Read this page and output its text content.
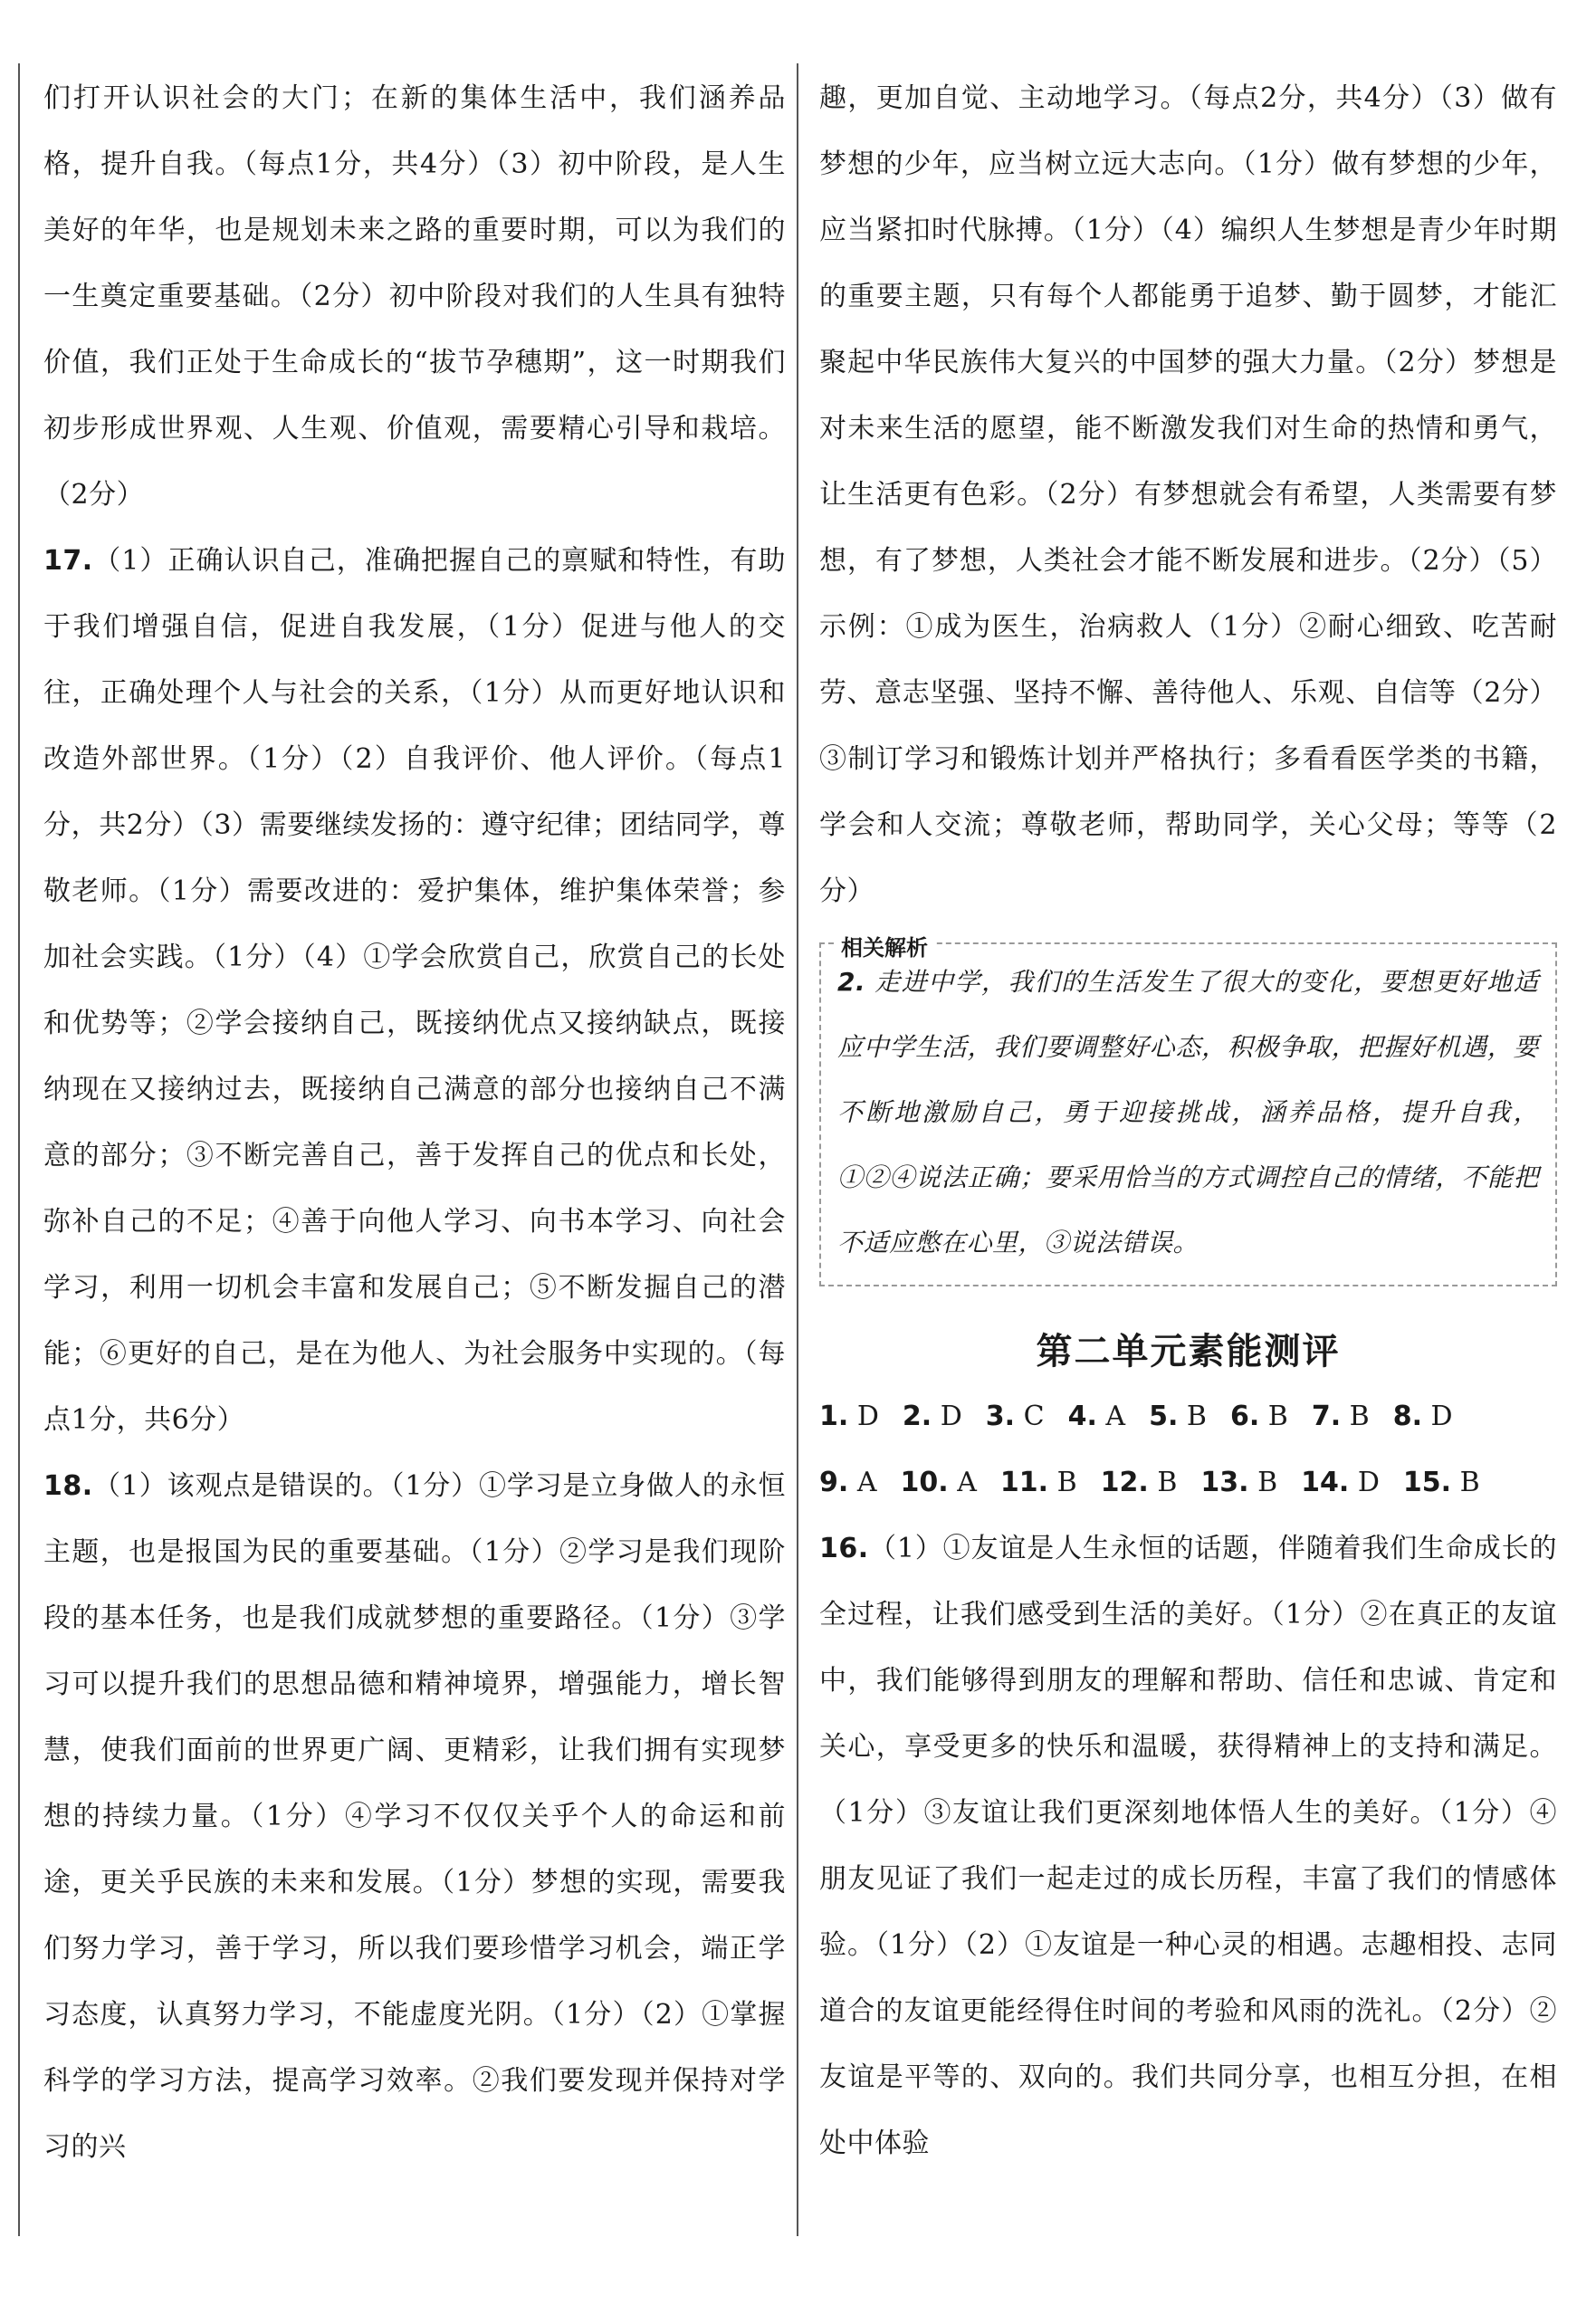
们打开认识社会的大门；在新的集体生活中，我们涵养品格，提升自我。（每点1分，共4分）（3）初中阶段，是人生美好的年华，也是规划未来之路的重要时期，可以为我们的一生奠定重要基础。（2分）初中阶段对我们的人生具有独特价值，我们正处于生命成长的“拔节孕穗期”，这一时期我们初步形成世界观、人生观、价值观，需要精心引导和栽培。（2分）

17.（1）正确认识自己，准确把握自己的禀赋和特性，有助于我们增强自信，促进自我发展，（1分）促进与他人的交往，正确处理个人与社会的关系，（1分）从而更好地认识和改造外部世界。（1分）（2）自我评价、他人评价。（每点1分，共2分）（3）需要继续发扬的：遵守纪律；团结同学，尊敬老师。（1分）需要改进的：爱护集体，维护集体荣誉；参加社会实践。（1分）（4）①学会欣赏自己，欣赏自己的长处和优势等；②学会接纳自己，既接纳优点又接纳缺点，既接纳现在又接纳过去，既接纳自己满意的部分也接纳自己不满意的部分；③不断完善自己，善于发挥自己的优点和长处，弥补自己的不足；④善于向他人学习、向书本学习、向社会学习，利用一切机会丰富和发展自己；⑤不断发掘自己的潜能；⑥更好的自己，是在为他人、为社会服务中实现的。（每点1分，共6分）

18.（1）该观点是错误的。（1分）①学习是立身做人的永恒主题，也是报国为民的重要基础。（1分）②学习是我们现阶段的基本任务，也是我们成就梦想的重要路径。（1分）③学习可以提升我们的思想品德和精神境界，增强能力，增长智慧，使我们面前的世界更广阔、更精彩，让我们拥有实现梦想的持续力量。（1分）④学习不仅仅关乎个人的命运和前途，更关乎民族的未来和发展。（1分）梦想的实现，需要我们努力学习，善于学习，所以我们要珍惜学习机会，端正学习态度，认真努力学习，不能虚度光阴。（1分）（2）①掌握科学的学习方法，提高学习效率。②我们要发现并保持对学习的兴

趣，更加自觉、主动地学习。（每点2分，共4分）（3）做有梦想的少年，应当树立远大志向。（1分）做有梦想的少年，应当紧扣时代脉搏。（1分）（4）编织人生梦想是青少年时期的重要主题，只有每个人都能勇于追梦、勤于圆梦，才能汇聚起中华民族伟大复兴的中国梦的强大力量。（2分）梦想是对未来生活的愿望，能不断激发我们对生命的热情和勇气，让生活更有色彩。（2分）有梦想就会有希望，人类需要有梦想，有了梦想，人类社会才能不断发展和进步。（2分）（5）示例：①成为医生，治病救人（1分）②耐心细致、吃苦耐劳、意志坚强、坚持不懈、善待他人、乐观、自信等（2分）③制订学习和锻炼计划并严格执行；多看看医学类的书籍，学会和人交流；尊敬老师，帮助同学，关心父母；等等（2分）

相关解析

2. 走进中学，我们的生活发生了很大的变化，要想更好地适应中学生活，我们要调整好心态，积极争取，把握好机遇，要不断地激励自己，勇于迎接挑战，涵养品格，提升自我，①②④说法正确；要采用恰当的方式调控自己的情绪，不能把不适应憋在心里，③说法错误。

第二单元素能测评
1. D 2. D 3. C 4. A 5. B 6. B 7. B 8. D9. A 10. A 11. B 12. B 13. B 14. D 15. B

16.（1）①友谊是人生永恒的话题，伴随着我们生命成长的全过程，让我们感受到生活的美好。（1分）②在真正的友谊中，我们能够得到朋友的理解和帮助、信任和忠诚、肯定和关心，享受更多的快乐和温暖，获得精神上的支持和满足。（1分）③友谊让我们更深刻地体悟人生的美好。（1分）④朋友见证了我们一起走过的成长历程，丰富了我们的情感体验。（1分）（2）①友谊是一种心灵的相遇。志趣相投、志同道合的友谊更能经得住时间的考验和风雨的洗礼。（2分）②友谊是平等的、双向的。我们共同分享，也相互分担，在相处中体验
